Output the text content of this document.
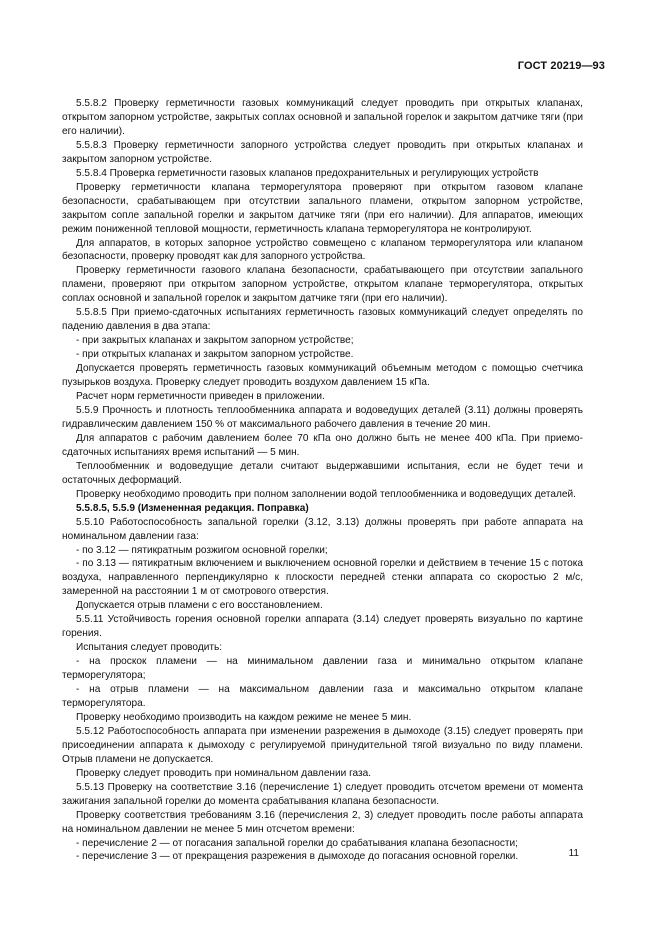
ГОСТ 20219—93

5.5.8.2 Проверку герметичности газовых коммуникаций следует проводить при открытых клапанах, открытом запорном устройстве, закрытых соплах основной и запальной горелок и закрытом датчике тяги (при его наличии).

5.5.8.3 Проверку герметичности запорного устройства следует проводить при открытых клапанах и закрытом запорном устройстве.

5.5.8.4 Проверка герметичности газовых клапанов предохранительных и регулирующих устройств

Проверку герметичности клапана терморегулятора проверяют при открытом газовом клапане безопасности, срабатывающем при отсутствии запального пламени, открытом запорном устройстве, закрытом сопле запальной горелки и закрытом датчике тяги (при его наличии). Для аппаратов, имеющих режим пониженной тепловой мощности, герметичность клапана терморегулятора не контролируют.

Для аппаратов, в которых запорное устройство совмещено с клапаном терморегулятора или клапаном безопасности, проверку проводят как для запорного устройства.

Проверку герметичности газового клапана безопасности, срабатывающего при отсутствии запального пламени, проверяют при открытом запорном устройстве, открытом клапане терморегулятора, открытых соплах основной и запальной горелок и закрытом датчике тяги (при его наличии).

5.5.8.5 При приемо-сдаточных испытаниях герметичность газовых коммуникаций следует определять по падению давления в два этапа:

- при закрытых клапанах и закрытом запорном устройстве;

- при открытых клапанах и закрытом запорном устройстве.

Допускается проверять герметичность газовых коммуникаций объемным методом с помощью счетчика пузырьков воздуха. Проверку следует проводить воздухом давлением 15 кПа.

Расчет норм герметичности приведен в приложении.

5.5.9 Прочность и плотность теплообменника аппарата и водоведущих деталей (3.11) должны проверять гидравлическим давлением 150 % от максимального рабочего давления в течение 20 мин.

Для аппаратов с рабочим давлением более 70 кПа оно должно быть не менее 400 кПа. При приемо-сдаточных испытаниях время испытаний — 5 мин.

Теплообменник и водоведущие детали считают выдержавшими испытания, если не будет течи и остаточных деформаций.

Проверку необходимо проводить при полном заполнении водой теплообменника и водоведущих деталей.

5.5.8.5, 5.5.9 (Измененная редакция. Поправка)

5.5.10 Работоспособность запальной горелки (3.12, 3.13) должны проверять при работе аппарата на номинальном давлении газа:

- по 3.12 — пятикратным розжигом основной горелки;

- по 3.13 — пятикратным включением и выключением основной горелки и действием в течение 15 с потока воздуха, направленного перпендикулярно к плоскости передней стенки аппарата со скоростью 2 м/с, замеренной на расстоянии 1 м от смотрового отверстия.

Допускается отрыв пламени с его восстановлением.

5.5.11 Устойчивость горения основной горелки аппарата (3.14) следует проверять визуально по картине горения.

Испытания следует проводить:

- на проскок пламени — на минимальном давлении газа и минимально открытом клапане терморегулятора;

- на отрыв пламени — на максимальном давлении газа и максимально открытом клапане терморегулятора.

Проверку необходимо производить на каждом режиме не менее 5 мин.

5.5.12 Работоспособность аппарата при изменении разрежения в дымоходе (3.15) следует проверять при присоединении аппарата к дымоходу с регулируемой принудительной тягой визуально по виду пламени. Отрыв пламени не допускается.

Проверку следует проводить при номинальном давлении газа.

5.5.13 Проверку на соответствие 3.16 (перечисление 1) следует проводить отсчетом времени от момента зажигания запальной горелки до момента срабатывания клапана безопасности.

Проверку соответствия требованиям 3.16 (перечисления 2, 3) следует проводить после работы аппарата на номинальном давлении не менее 5 мин отсчетом времени:

- перечисление 2 — от погасания запальной горелки до срабатывания клапана безопасности;

- перечисление 3 — от прекращения разрежения в дымоходе до погасания основной горелки.	11
